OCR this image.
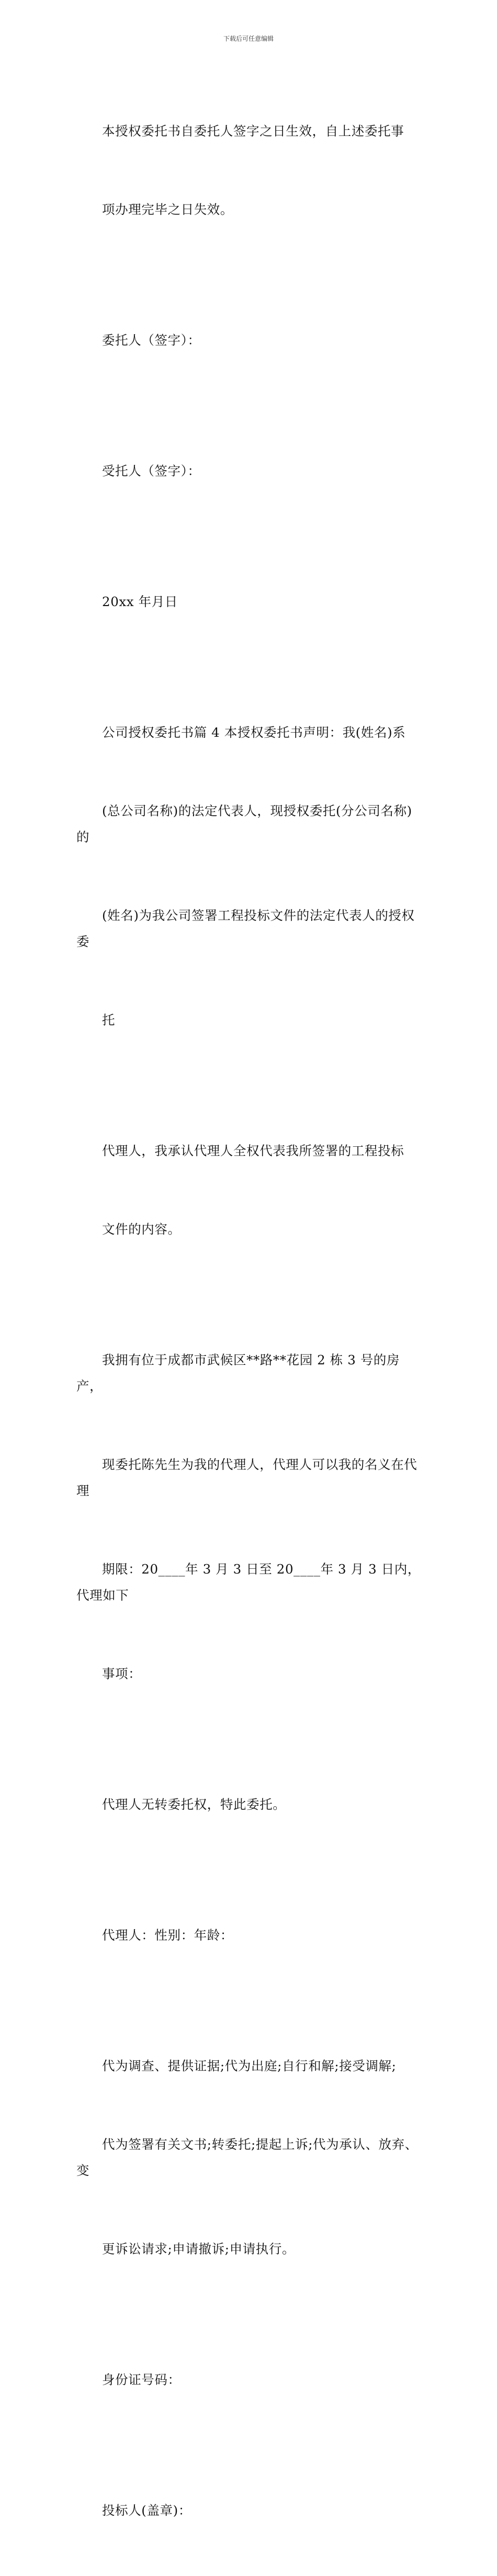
下载后可任意编辑

本授权委托书自委托人签字之日生效，自上述委托事

项办理完毕之日失效。

委托人（签字）：

受托人（签字）：

20xx 年月日

公司授权委托书篇 4 本授权委托书声明：我(姓名)系

(总公司名称)的法定代表人，现授权委托(分公司名称)的

(姓名)为我公司签署工程投标文件的法定代表人的授权委

托

代理人，我承认代理人全权代表我所签署的工程投标

文件的内容。

我拥有位于成都市武候区**路**花园 2 栋 3 号的房产，

现委托陈先生为我的代理人，代理人可以我的名义在代理

期限：20____年 3 月 3 日至 20____年 3 月 3 日内，代理如下

事项：

代理人无转委托权，特此委托。

代理人：性别：年龄：

代为调查、提供证据;代为出庭;自行和解;接受调解;

代为签署有关文书;转委托;提起上诉;代为承认、放弃、变

更诉讼请求;申请撤诉;申请执行。

身份证号码：

投标人(盖章)：
